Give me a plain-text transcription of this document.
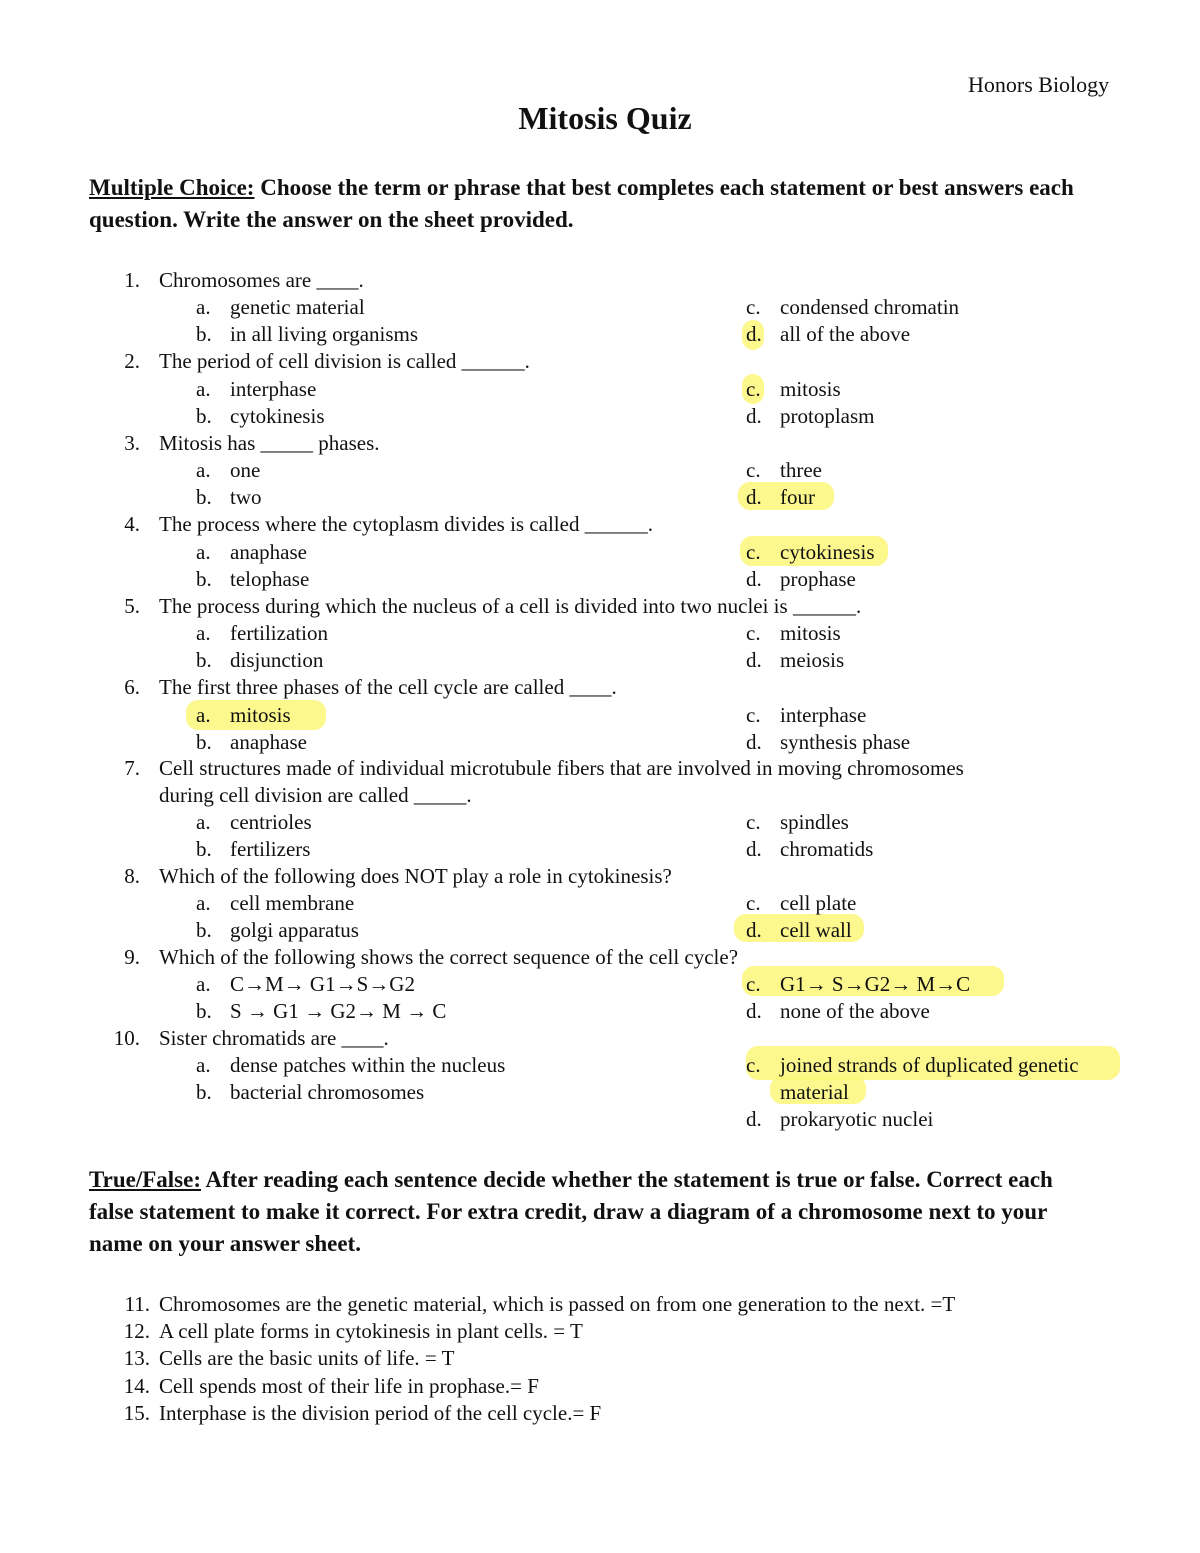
Honors Biology
Mitosis Quiz
Multiple Choice: Choose the term or phrase that best completes each statement or best answers each question. Write the answer on the sheet provided.
1. Chromosomes are ____.
a. genetic material
b. in all living organisms
c. condensed chromatin
d. all of the above
2. The period of cell division is called ______.
a. interphase
b. cytokinesis
c. mitosis
d. protoplasm
3. Mitosis has _____ phases.
a. one
b. two
c. three
d. four
4. The process where the cytoplasm divides is called ______.
a. anaphase
b. telophase
c. cytokinesis
d. prophase
5. The process during which the nucleus of a cell is divided into two nuclei is ______.
a. fertilization
b. disjunction
c. mitosis
d. meiosis
6. The first three phases of the cell cycle are called ____.
a. mitosis
b. anaphase
c. interphase
d. synthesis phase
7. Cell structures made of individual microtubule fibers that are involved in moving chromosomes
during cell division are called _____.
a. centrioles
b. fertilizers
c. spindles
d. chromatids
8. Which of the following does NOT play a role in cytokinesis?
a. cell membrane
b. golgi apparatus
c. cell plate
d. cell wall
9. Which of the following shows the correct sequence of the cell cycle?
a. C→M→ G1→S→G2
b. S → G1 → G2→ M → C
c. G1→ S→G2→ M→C
d. none of the above
10. Sister chromatids are ____.
a. dense patches within the nucleus
b. bacterial chromosomes
c. joined strands of duplicated genetic
material
d. prokaryotic nuclei
True/False: After reading each sentence decide whether the statement is true or false. Correct each false statement to make it correct. For extra credit, draw a diagram of a chromosome next to your name on your answer sheet.
11. Chromosomes are the genetic material, which is passed on from one generation to the next. =T
12. A cell plate forms in cytokinesis in plant cells. = T
13. Cells are the basic units of life. = T
14. Cell spends most of their life in prophase.= F
15. Interphase is the division period of the cell cycle.= F
